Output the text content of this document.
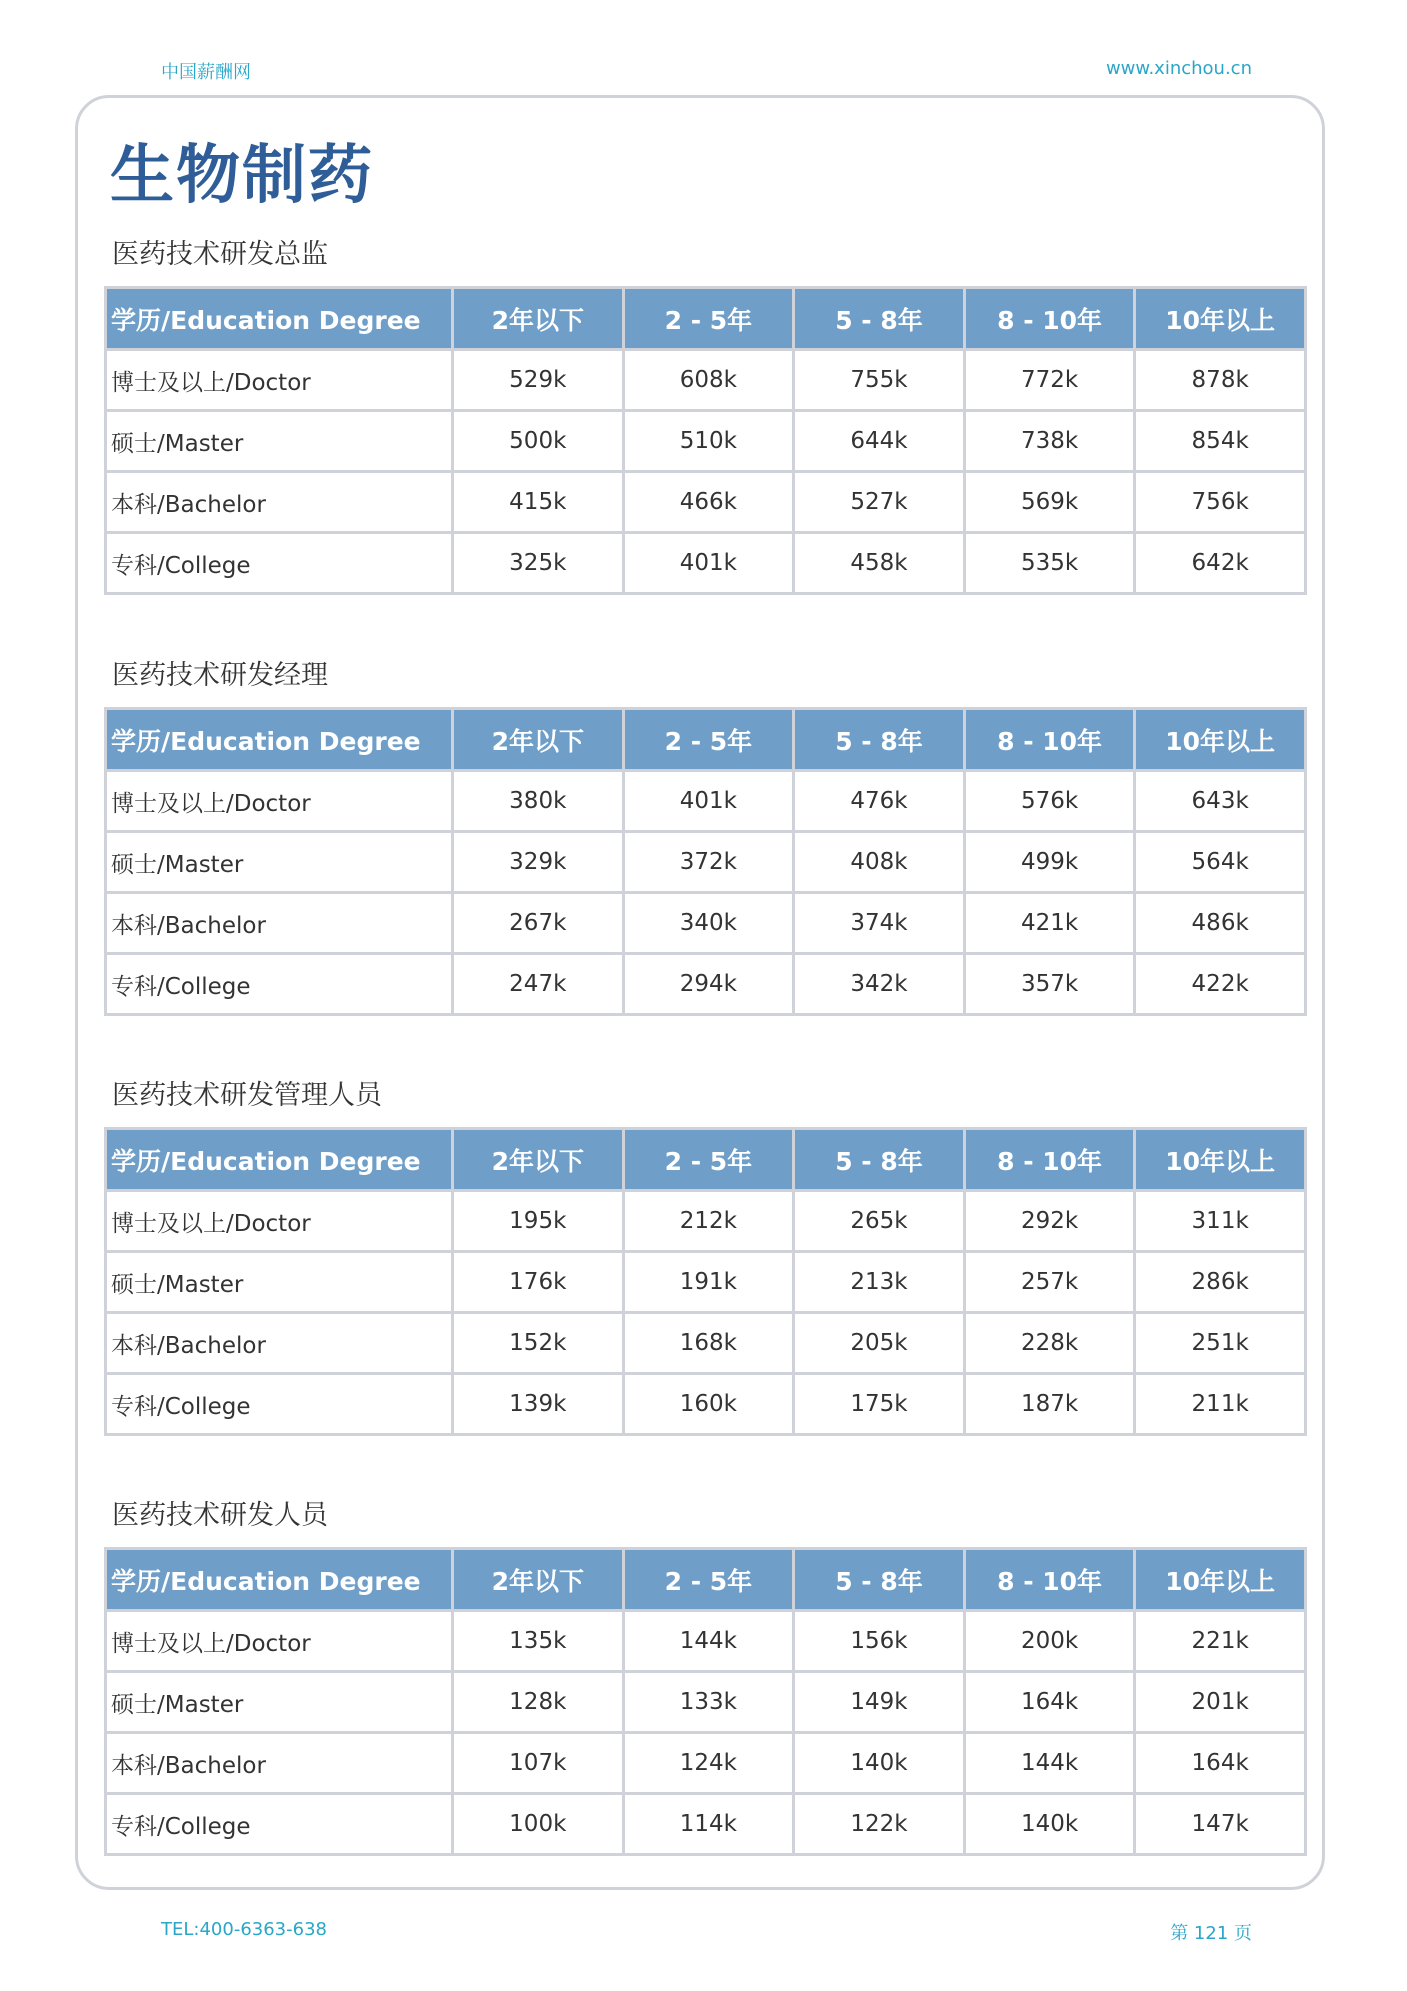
中国薪酬网	www.xinchou.cn
生物制药
医药技术研发总监
学历/Education Degree	2年以下	2 - 5年	5 - 8年	8 - 10年	10年以上
博士及以上/Doctor	529k	608k	755k	772k	878k
硕士/Master	500k	510k	644k	738k	854k
本科/Bachelor	415k	466k	527k	569k	756k
专科/College	325k	401k	458k	535k	642k
医药技术研发经理
学历/Education Degree	2年以下	2 - 5年	5 - 8年	8 - 10年	10年以上
博士及以上/Doctor	380k	401k	476k	576k	643k
硕士/Master	329k	372k	408k	499k	564k
本科/Bachelor	267k	340k	374k	421k	486k
专科/College	247k	294k	342k	357k	422k
医药技术研发管理人员
学历/Education Degree	2年以下	2 - 5年	5 - 8年	8 - 10年	10年以上
博士及以上/Doctor	195k	212k	265k	292k	311k
硕士/Master	176k	191k	213k	257k	286k
本科/Bachelor	152k	168k	205k	228k	251k
专科/College	139k	160k	175k	187k	211k
医药技术研发人员
学历/Education Degree	2年以下	2 - 5年	5 - 8年	8 - 10年	10年以上
博士及以上/Doctor	135k	144k	156k	200k	221k
硕士/Master	128k	133k	149k	164k	201k
本科/Bachelor	107k	124k	140k	144k	164k
专科/College	100k	114k	122k	140k	147k
TEL:400-6363-638	第 121 页
